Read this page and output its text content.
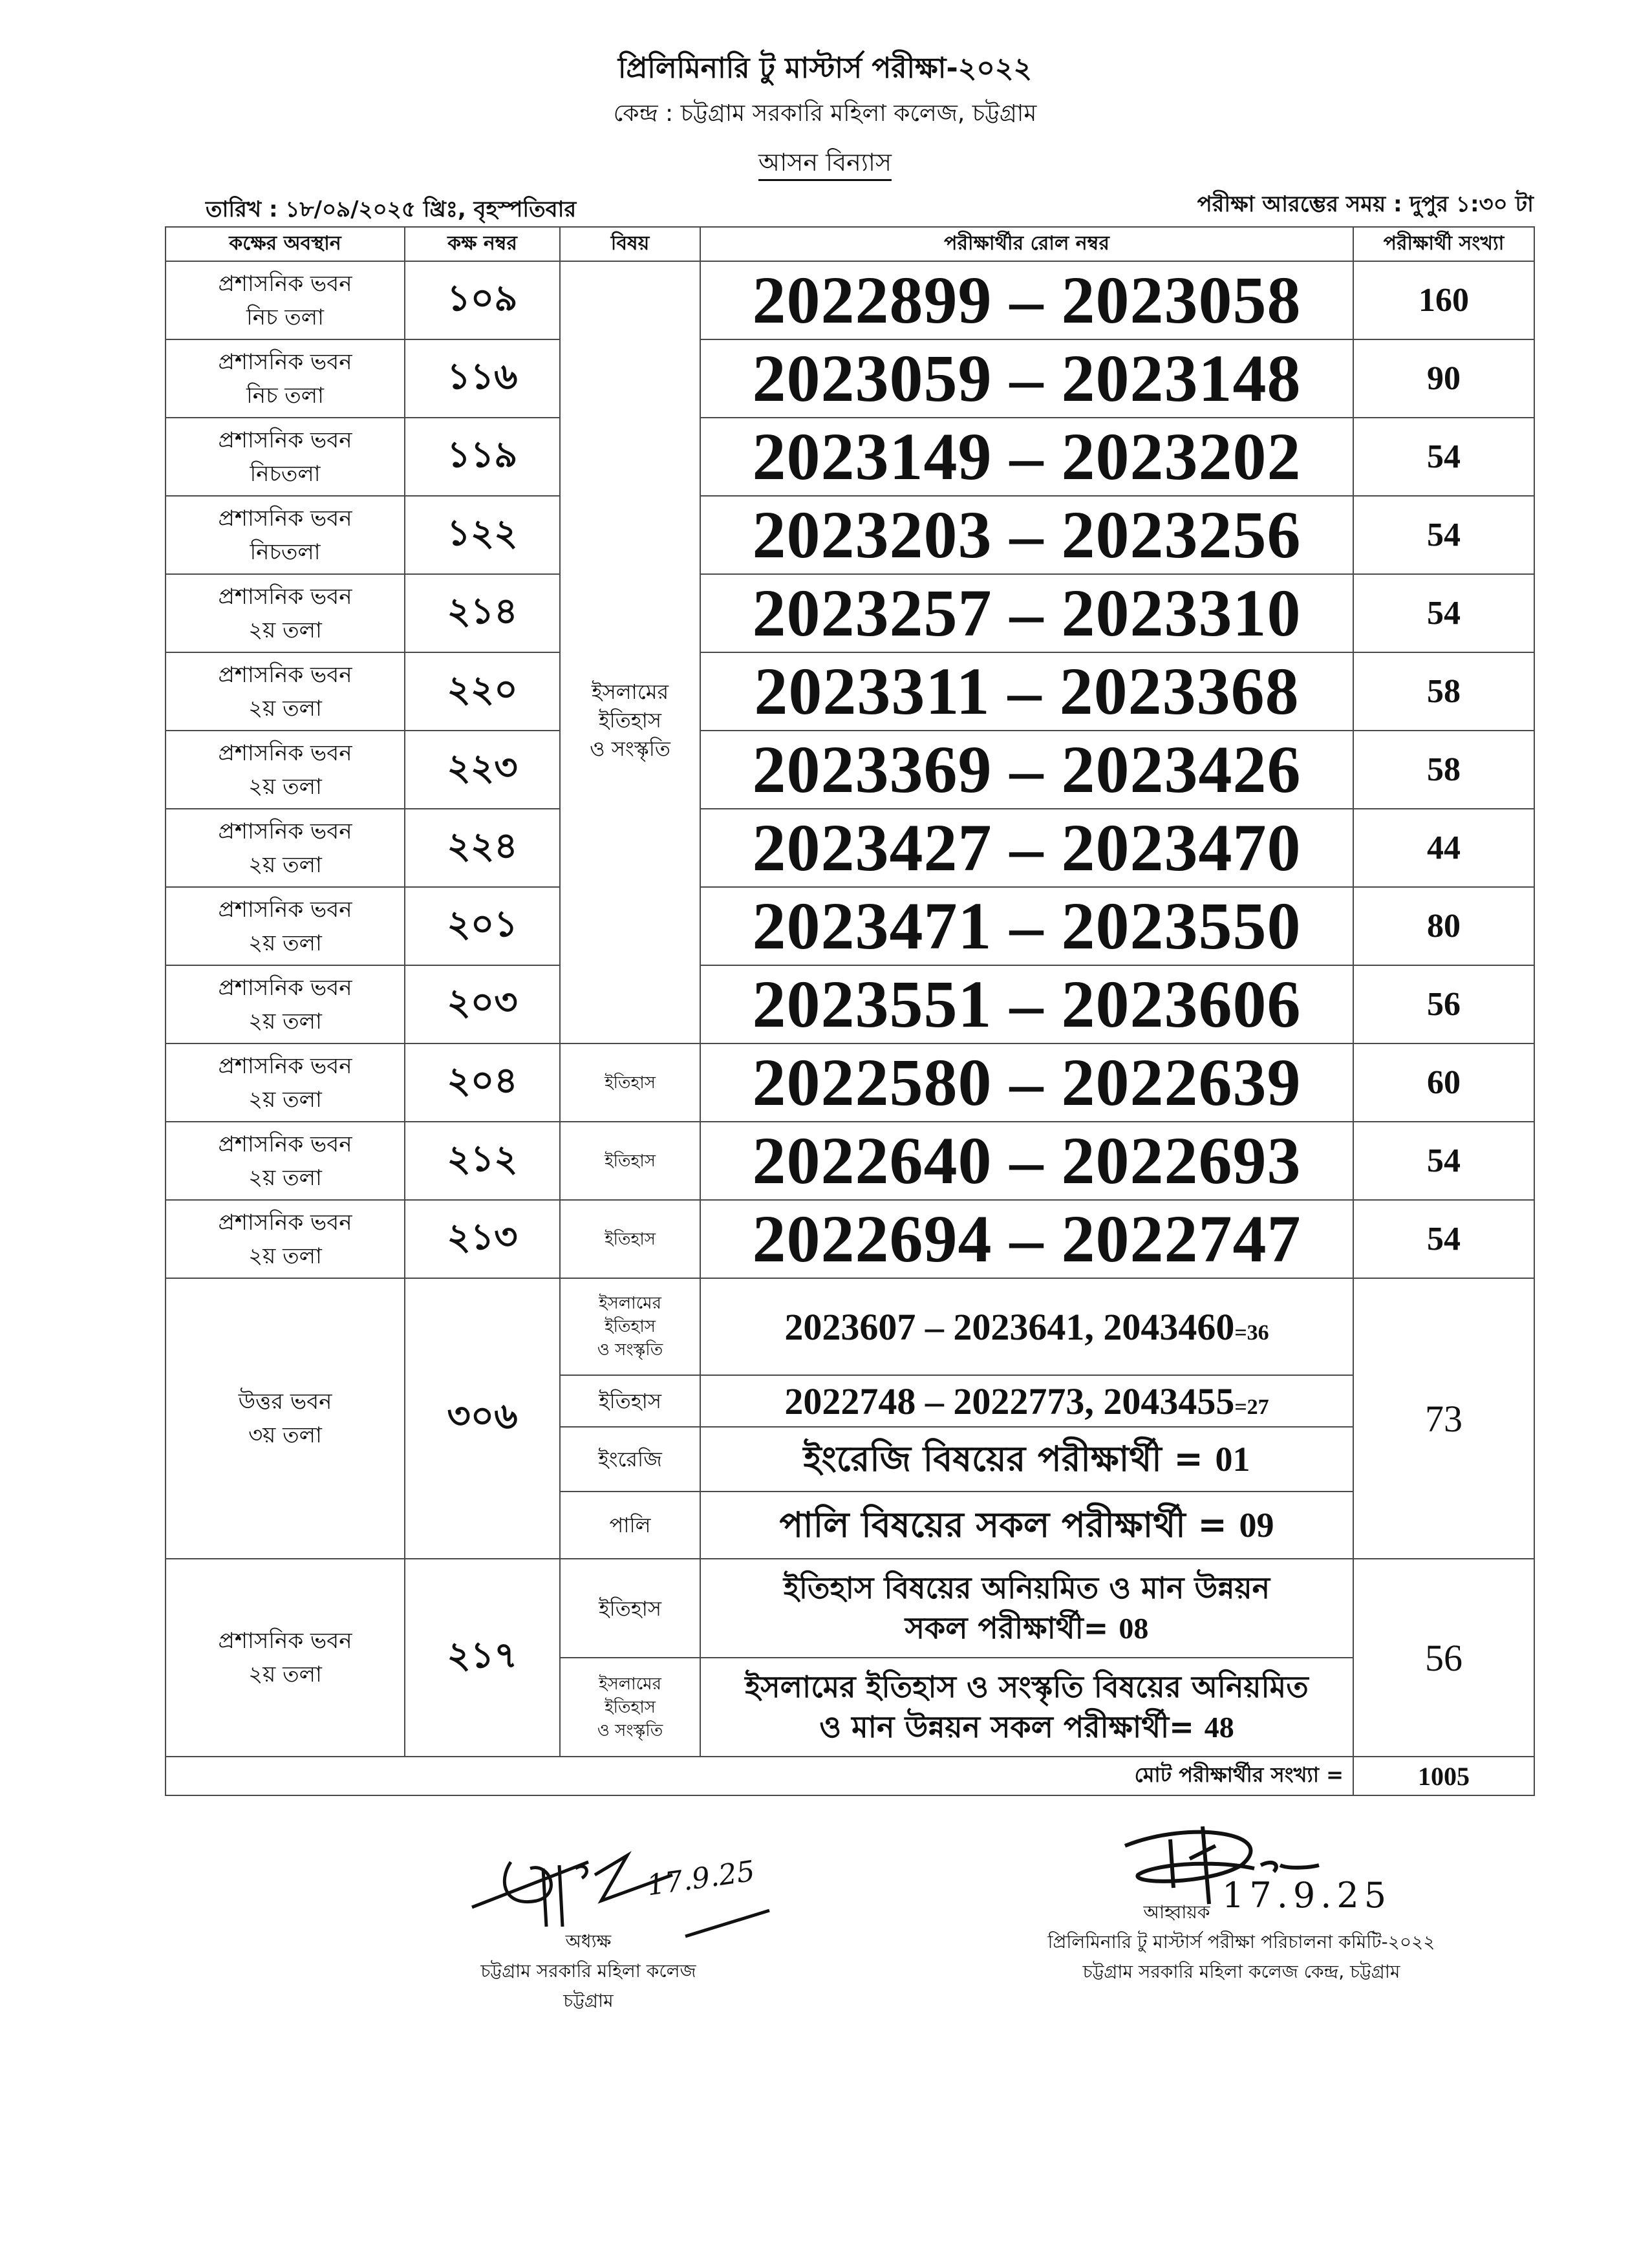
প্রিলিমিনারি টু মাস্টার্স পরীক্ষা-২০২২
কেন্দ্র : চট্টগ্রাম সরকারি মহিলা কলেজ, চট্টগ্রাম
আসন বিন্যাস
তারিখ : ১৮/০৯/২০২৫ খ্রিঃ, বৃহস্পতিবার	পরীক্ষা আরম্ভের সময় : দুপুর ১:৩০ টা
কক্ষের অবস্থান	কক্ষ নম্বর	বিষয়	পরীক্ষার্থীর রোল নম্বর	পরীক্ষার্থী সংখ্যা
প্রশাসনিক ভবন
নিচ তলা	১০৯	ইসলামের
ইতিহাস
ও সংস্কৃতি	2022899 – 2023058	160
প্রশাসনিক ভবন
নিচ তলা	১১৬		2023059 – 2023148	90
প্রশাসনিক ভবন
নিচতলা	১১৯		2023149 – 2023202	54
প্রশাসনিক ভবন
নিচতলা	১২২		2023203 – 2023256	54
প্রশাসনিক ভবন
২য় তলা	২১৪		2023257 – 2023310	54
প্রশাসনিক ভবন
২য় তলা	২২০		2023311 – 2023368	58
প্রশাসনিক ভবন
২য় তলা	২২৩		2023369 – 2023426	58
প্রশাসনিক ভবন
২য় তলা	২২৪		2023427 – 2023470	44
প্রশাসনিক ভবন
২য় তলা	২০১		2023471 – 2023550	80
প্রশাসনিক ভবন
২য় তলা	২০৩		2023551 – 2023606	56
প্রশাসনিক ভবন
২য় তলা	২০৪	ইতিহাস	2022580 – 2022639	60
প্রশাসনিক ভবন
২য় তলা	২১২	ইতিহাস	2022640 – 2022693	54
প্রশাসনিক ভবন
২য় তলা	২১৩	ইতিহাস	2022694 – 2022747	54
উত্তর ভবন
৩য় তলা	৩০৬	ইসলামের
ইতিহাস
ও সংস্কৃতি	2023607 – 2023641, 2043460=36	73
		ইতিহাস	2022748 – 2022773, 2043455=27	
		ইংরেজি	ইংরেজি বিষয়ের পরীক্ষার্থী = 01	
		পালি	পালি বিষয়ের সকল পরীক্ষার্থী = 09	
প্রশাসনিক ভবন
২য় তলা	২১৭	ইতিহাস	ইতিহাস বিষয়ের অনিয়মিত ও মান উন্নয়ন
সকল পরীক্ষার্থী= 08	56
		ইসলামের
ইতিহাস
ও সংস্কৃতি	ইসলামের ইতিহাস ও সংস্কৃতি বিষয়ের অনিয়মিত
ও মান উন্নয়ন সকল পরীক্ষার্থী= 48	
মোট পরীক্ষার্থীর সংখ্যা =				1005
17.9.25
অধ্যক্ষ
চট্টগ্রাম সরকারি মহিলা কলেজ
চট্টগ্রাম
17.9.25
আহ্বায়ক
প্রিলিমিনারি টু মাস্টার্স পরীক্ষা পরিচালনা কমিটি-২০২২
চট্টগ্রাম সরকারি মহিলা কলেজ কেন্দ্র, চট্টগ্রাম
